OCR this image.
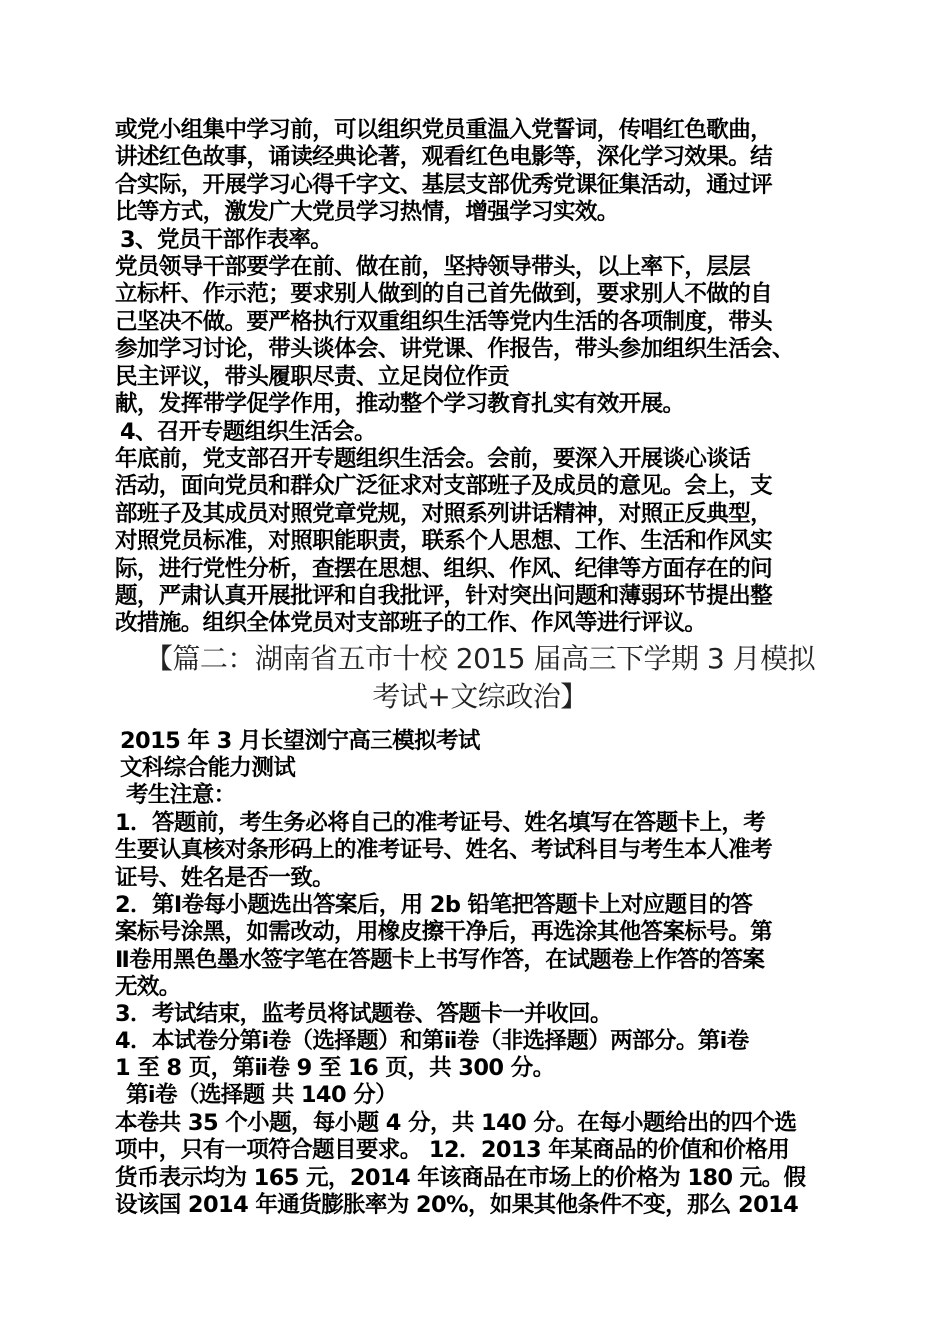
或党小组集中学习前，可以组织党员重温入党誓词，传唱红色歌曲，
讲述红色故事，诵读经典论著，观看红色电影等，深化学习效果。结
合实际，开展学习心得千字文、基层支部优秀党课征集活动，通过评
比等方式，激发广大党员学习热情，增强学习实效。

3、党员干部作表率。

党员领导干部要学在前、做在前，坚持领导带头，以上率下，层层
立标杆、作示范；要求别人做到的自己首先做到，要求别人不做的自
己坚决不做。要严格执行双重组织生活等党内生活的各项制度，带头
参加学习讨论，带头谈体会、讲党课、作报告，带头参加组织生活会、
民主评议，带头履职尽责、立足岗位作贡
献，发挥带学促学作用，推动整个学习教育扎实有效开展。

4、召开专题组织生活会。

年底前，党支部召开专题组织生活会。会前，要深入开展谈心谈话
活动，面向党员和群众广泛征求对支部班子及成员的意见。会上，支
部班子及其成员对照党章党规，对照系列讲话精神，对照正反典型，
对照党员标准，对照职能职责，联系个人思想、工作、生活和作风实
际，进行党性分析，查摆在思想、组织、作风、纪律等方面存在的问
题，严肃认真开展批评和自我批评，针对突出问题和薄弱环节提出整
改措施。组织全体党员对支部班子的工作、作风等进行评议。

【篇二：湖南省五市十校 2015 届高三下学期 3 月模拟
考试+文综政治】

2015 年 3 月长望浏宁高三模拟考试

文科综合能力测试

考生注意：

1．答题前，考生务必将自己的准考证号、姓名填写在答题卡上，考
生要认真核对条形码上的准考证号、姓名、考试科目与考生本人准考
证号、姓名是否一致。

2．第Ⅰ卷每小题选出答案后，用 2b 铅笔把答题卡上对应题目的答
案标号涂黑，如需改动，用橡皮擦干净后，再选涂其他答案标号。第
Ⅱ卷用黑色墨水签字笔在答题卡上书写作答，在试题卷上作答的答案
无效。

3．考试结束，监考员将试题卷、答题卡一并收回。

4．本试卷分第ⅰ卷（选择题）和第ⅱ卷（非选择题）两部分。第ⅰ卷
1 至 8 页，第ⅱ卷 9 至 16 页，共 300 分。

第ⅰ卷（选择题 共 140 分）

本卷共 35 个小题，每小题 4 分，共 140 分。在每小题给出的四个选
项中，只有一项符合题目要求。 12．2013 年某商品的价值和价格用
货币表示均为 165 元，2014 年该商品在市场上的价格为 180 元。假
设该国 2014 年通货膨胀率为 20%，如果其他条件不变，那么 2014
